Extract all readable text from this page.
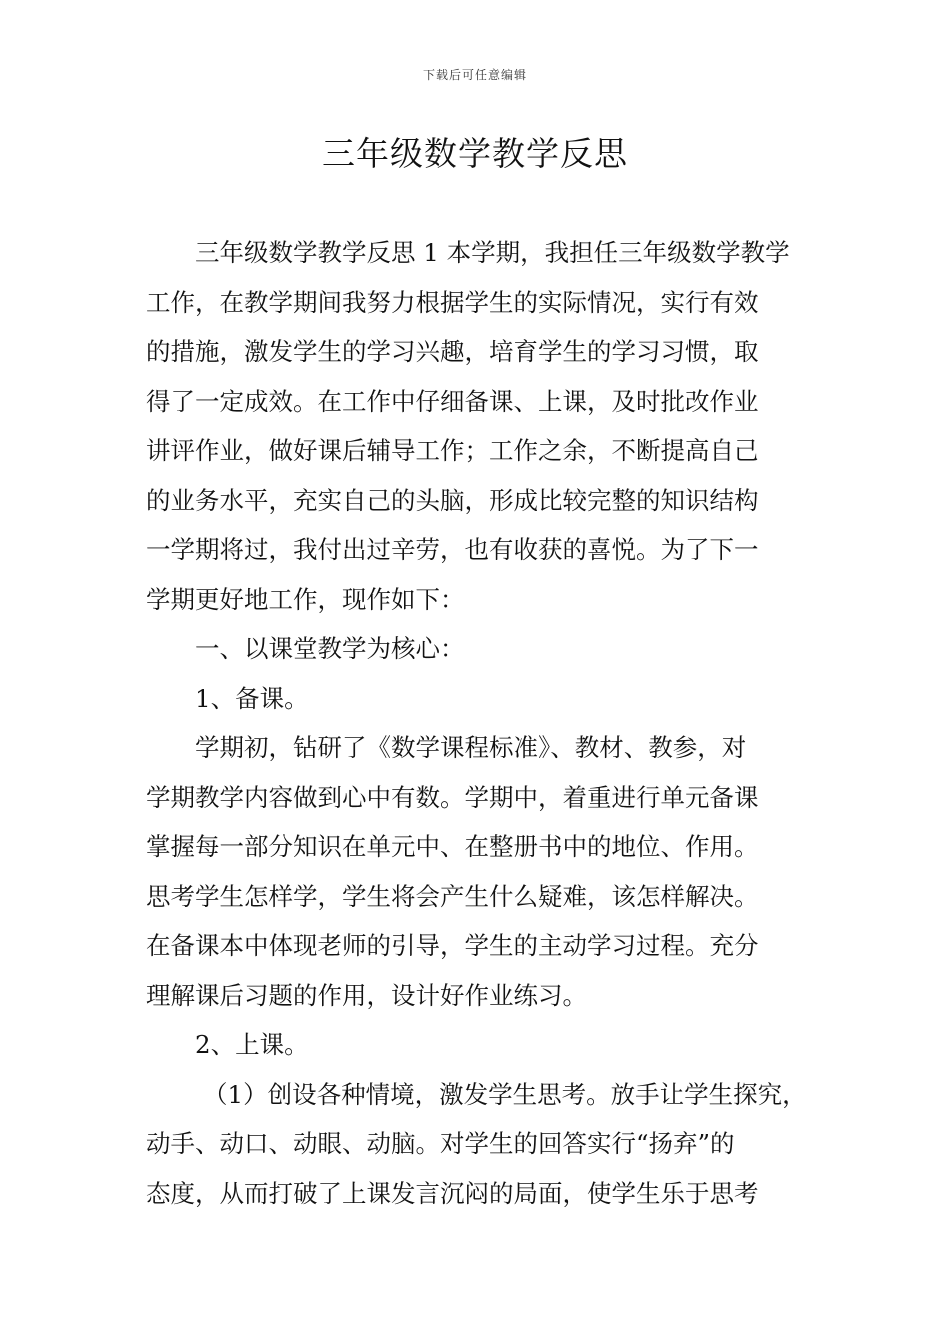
下载后可任意编辑
三年级数学教学反思
三年级数学教学反思 1 本学期，我担任三年级数学教学
工作，在教学期间我努力根据学生的实际情况，实行有效
的措施，激发学生的学习兴趣，培育学生的学习习惯，取
得了一定成效。在工作中仔细备课、上课，及时批改作业
讲评作业，做好课后辅导工作；工作之余，不断提高自己
的业务水平，充实自己的头脑，形成比较完整的知识结构
一学期将过，我付出过辛劳，也有收获的喜悦。为了下一
学期更好地工作，现作如下：
一、以课堂教学为核心：
1、备课。
学期初，钻研了《数学课程标准》、教材、教参，对
学期教学内容做到心中有数。学期中，着重进行单元备课
掌握每一部分知识在单元中、在整册书中的地位、作用。
思考学生怎样学，学生将会产生什么疑难，该怎样解决。
在备课本中体现老师的引导，学生的主动学习过程。充分
理解课后习题的作用，设计好作业练习。
2、上课。
（1）创设各种情境，激发学生思考。放手让学生探究，
动手、动口、动眼、动脑。对学生的回答实行“扬弃”的
态度，从而打破了上课发言沉闷的局面，使学生乐于思考
